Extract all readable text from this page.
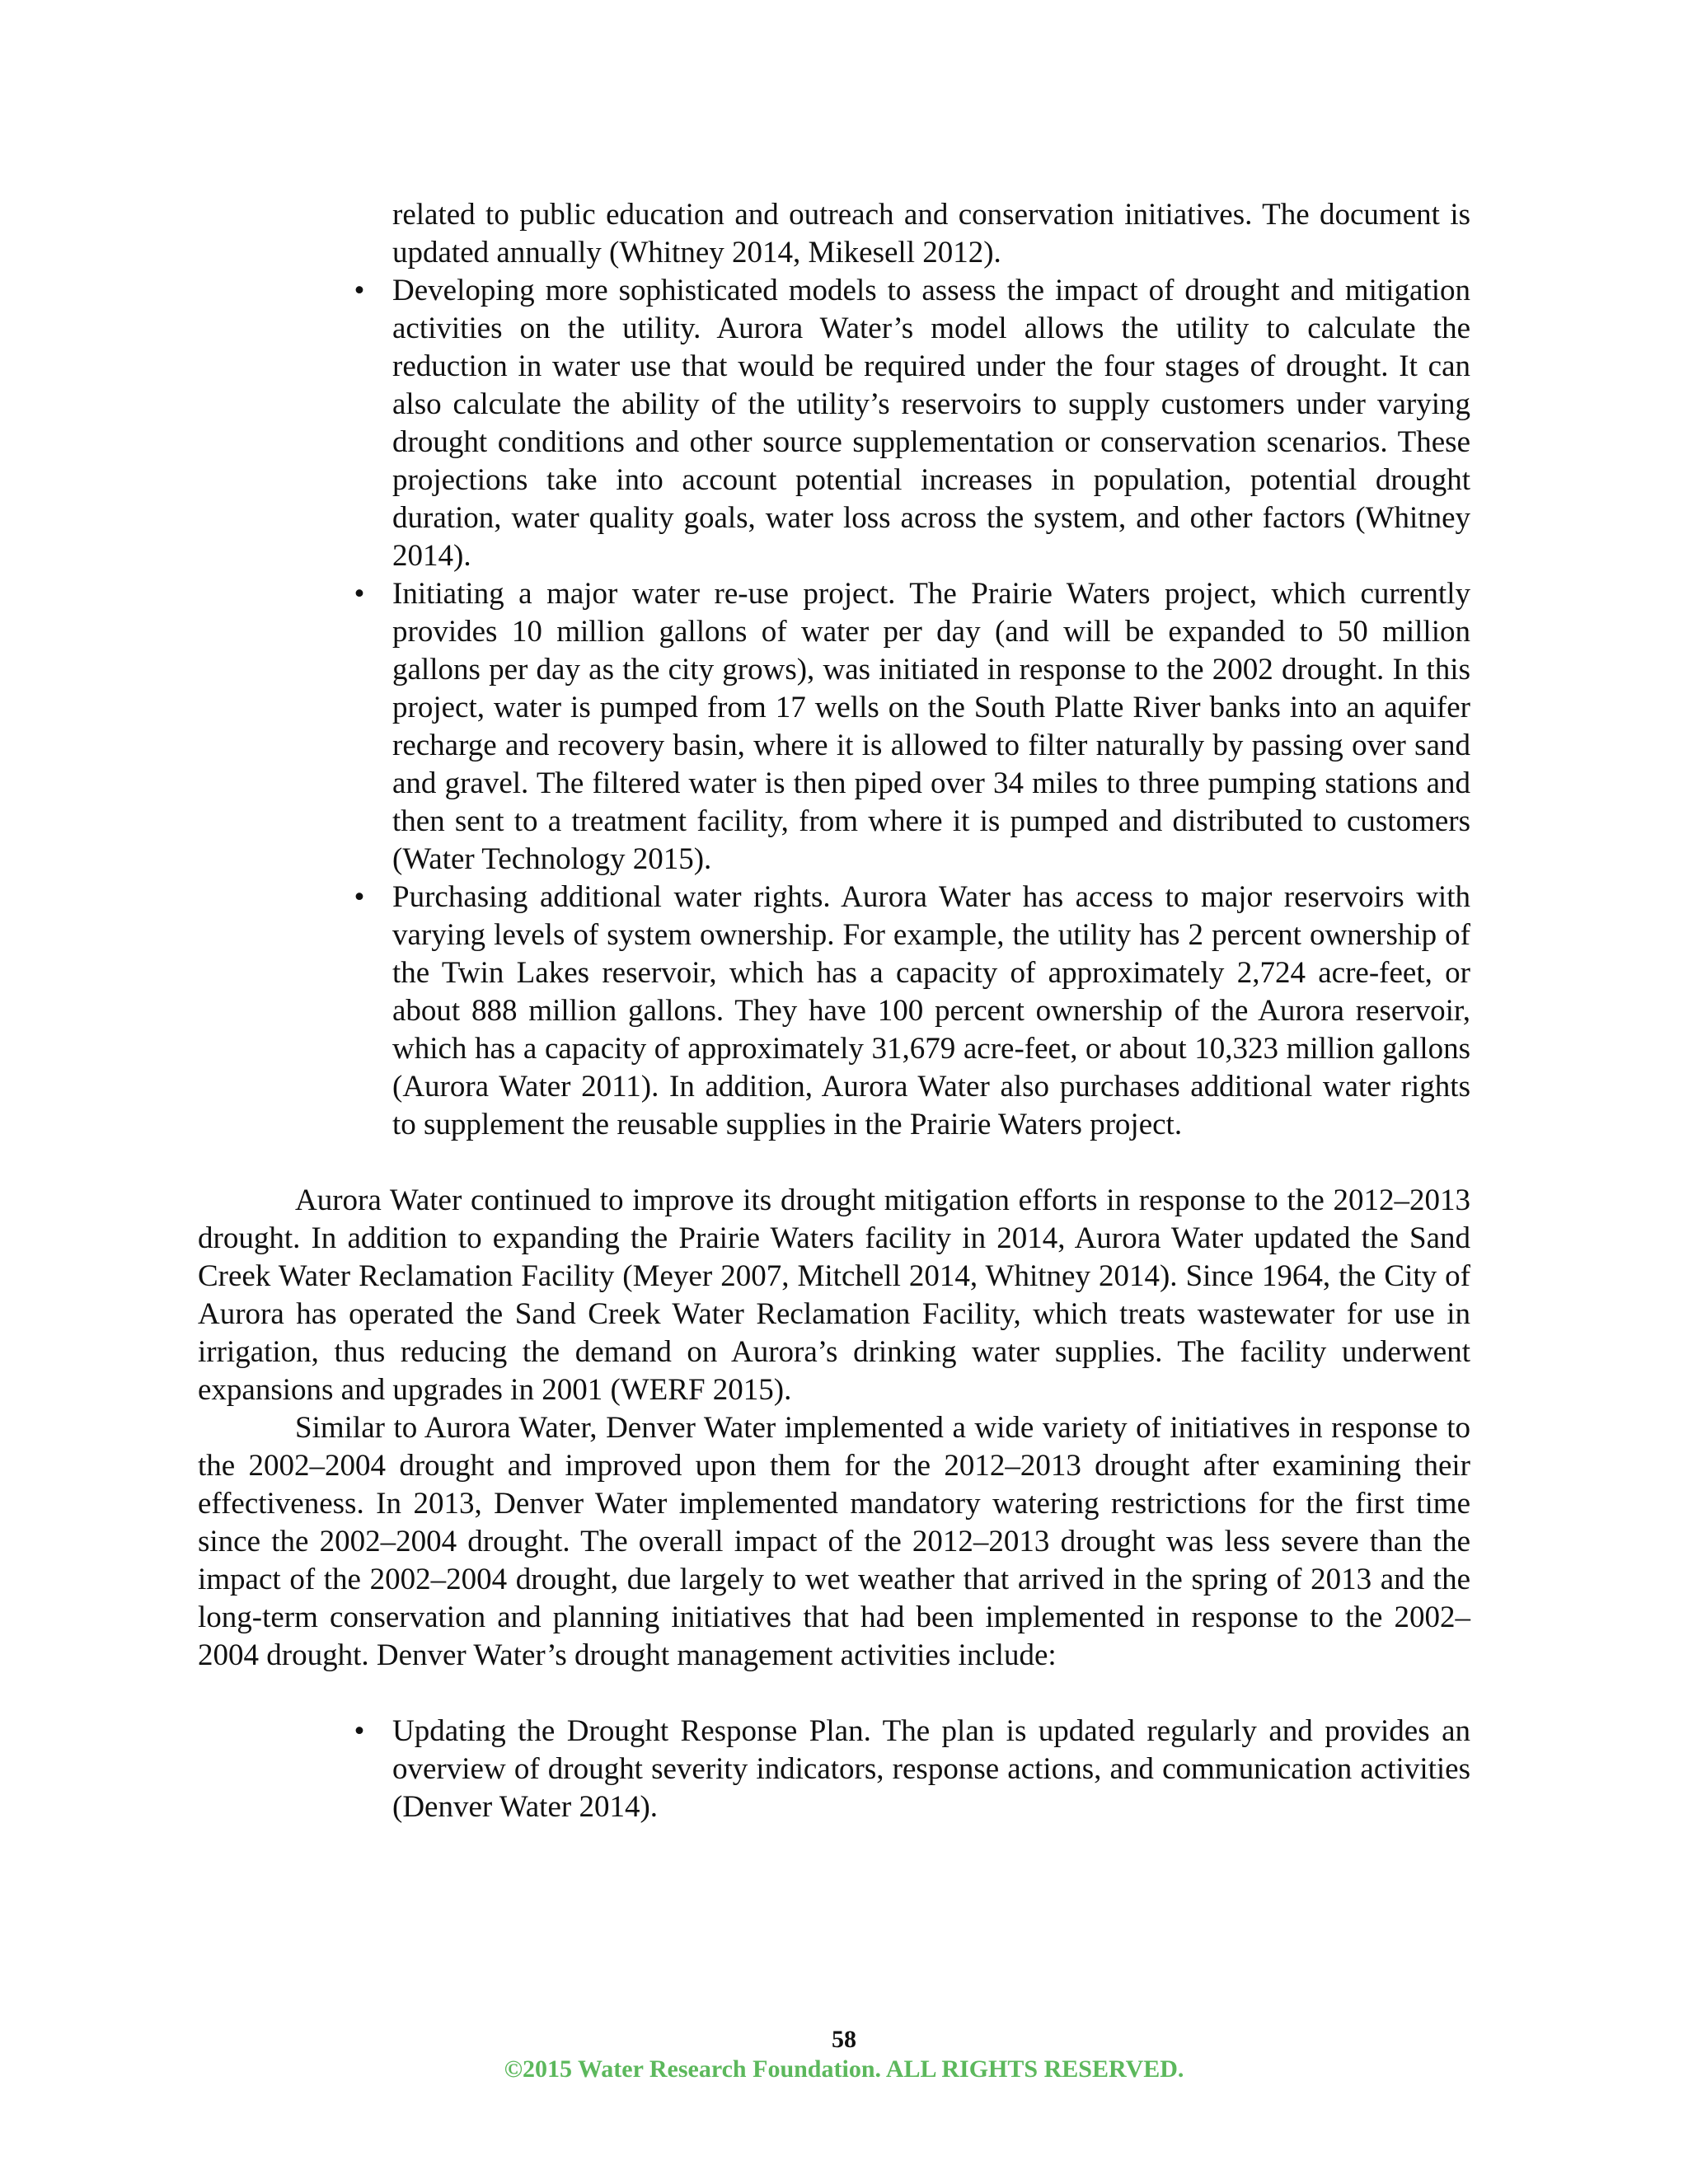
related to public education and outreach and conservation initiatives. The document is updated annually (Whitney 2014, Mikesell 2012).

• Developing more sophisticated models to assess the impact of drought and mitigation activities on the utility. Aurora Water’s model allows the utility to calculate the reduction in water use that would be required under the four stages of drought. It can also calculate the ability of the utility’s reservoirs to supply customers under varying drought conditions and other source supplementation or conservation scenarios. These projections take into account potential increases in population, potential drought duration, water quality goals, water loss across the system, and other factors (Whitney 2014).
• Initiating a major water re-use project. The Prairie Waters project, which currently provides 10 million gallons of water per day (and will be expanded to 50 million gallons per day as the city grows), was initiated in response to the 2002 drought. In this project, water is pumped from 17 wells on the South Platte River banks into an aquifer recharge and recovery basin, where it is allowed to filter naturally by passing over sand and gravel. The filtered water is then piped over 34 miles to three pumping stations and then sent to a treatment facility, from where it is pumped and distributed to customers (Water Technology 2015).
• Purchasing additional water rights. Aurora Water has access to major reservoirs with varying levels of system ownership. For example, the utility has 2 percent ownership of the Twin Lakes reservoir, which has a capacity of approximately 2,724 acre-feet, or about 888 million gallons. They have 100 percent ownership of the Aurora reservoir, which has a capacity of approximately 31,679 acre-feet, or about 10,323 million gallons (Aurora Water 2011). In addition, Aurora Water also purchases additional water rights to supplement the reusable supplies in the Prairie Waters project.

Aurora Water continued to improve its drought mitigation efforts in response to the 2012–2013 drought. In addition to expanding the Prairie Waters facility in 2014, Aurora Water updated the Sand Creek Water Reclamation Facility (Meyer 2007, Mitchell 2014, Whitney 2014). Since 1964, the City of Aurora has operated the Sand Creek Water Reclamation Facility, which treats wastewater for use in irrigation, thus reducing the demand on Aurora’s drinking water supplies. The facility underwent expansions and upgrades in 2001 (WERF 2015).

Similar to Aurora Water, Denver Water implemented a wide variety of initiatives in response to the 2002–2004 drought and improved upon them for the 2012–2013 drought after examining their effectiveness. In 2013, Denver Water implemented mandatory watering restrictions for the first time since the 2002–2004 drought. The overall impact of the 2012–2013 drought was less severe than the impact of the 2002–2004 drought, due largely to wet weather that arrived in the spring of 2013 and the long-term conservation and planning initiatives that had been implemented in response to the 2002–2004 drought. Denver Water’s drought management activities include:

• Updating the Drought Response Plan. The plan is updated regularly and provides an overview of drought severity indicators, response actions, and communication activities (Denver Water 2014).
58
©2015 Water Research Foundation. ALL RIGHTS RESERVED.
